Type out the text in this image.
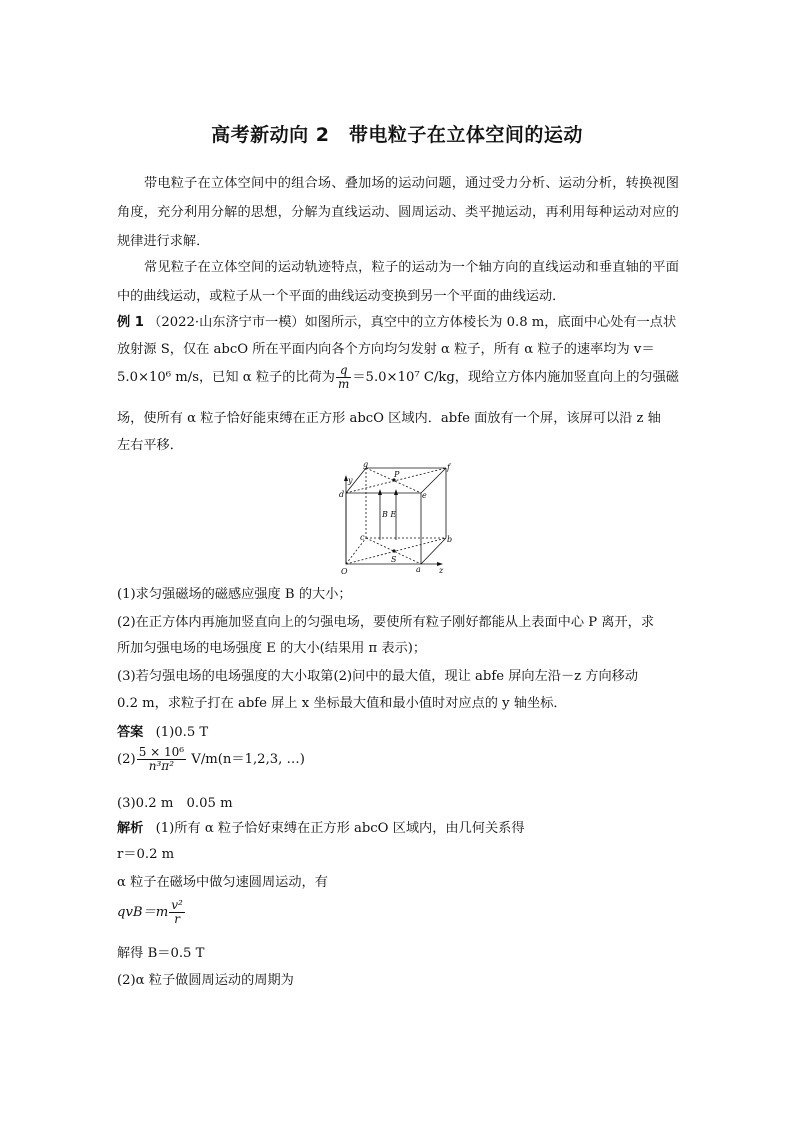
高考新动向 2　带电粒子在立体空间的运动
带电粒子在立体空间中的组合场、叠加场的运动问题，通过受力分析、运动分析，转换视图角度，充分利用分解的思想，分解为直线运动、圆周运动、类平抛运动，再利用每种运动对应的规律进行求解．
常见粒子在立体空间的运动轨迹特点，粒子的运动为一个轴方向的直线运动和垂直轴的平面中的曲线运动，或粒子从一个平面的曲线运动变换到另一个平面的曲线运动．
例 1 （2022·山东济宁市一模）如图所示，真空中的立方体棱长为 0.8 m，底面中心处有一点状
放射源 S，仅在 abcO 所在平面内向各个方向均匀发射 α 粒子，所有 α 粒子的速率均为 v＝
5.0×10⁶ m/s，已知 α 粒子的比荷为 $\frac{q}{m} =5.0\times 10^7$ C/kg，现给立方体内施加竖直向上的匀强磁
场，使所有 α 粒子恰好能束缚在正方形 abcO 区域内．abfe 面放有一个屏，该屏可以沿 z 轴
左右平移．
g
P
f
y
d	e
B E
c	b
S
O	a z
(1)求匀强磁场的磁感应强度 B 的大小；
(2)在正方体内再施加竖直向上的匀强电场，要使所有粒子刚好都能从上表面中心 P 离开，求
所加匀强电场的电场强度 E 的大小(结果用 π 表示)；
(3)若匀强电场的电场强度的大小取第(2)问中的最大值，现让 abfe 屏向左沿－z 方向移动
0.2 m，求粒子打在 abfe 屏上 x 坐标最大值和最小值时对应点的 y 轴坐标．
答案 (1)0.5 T
$(2) \frac{\text{5 × 10⁶}}{\text{n³π²}} V/m(n=1,2,3$, …)
(3)0.2 m　0.05 m
解析 (1)所有 α 粒子恰好束缚在正方形 abcO 区域内，由几何关系得
r＝0.2 m
α 粒子在磁场中做匀速圆周运动，有
$qvB=m \frac{\text{v²}}{r}$
解得 B＝0.5 T
(2)α 粒子做圆周运动的周期为
